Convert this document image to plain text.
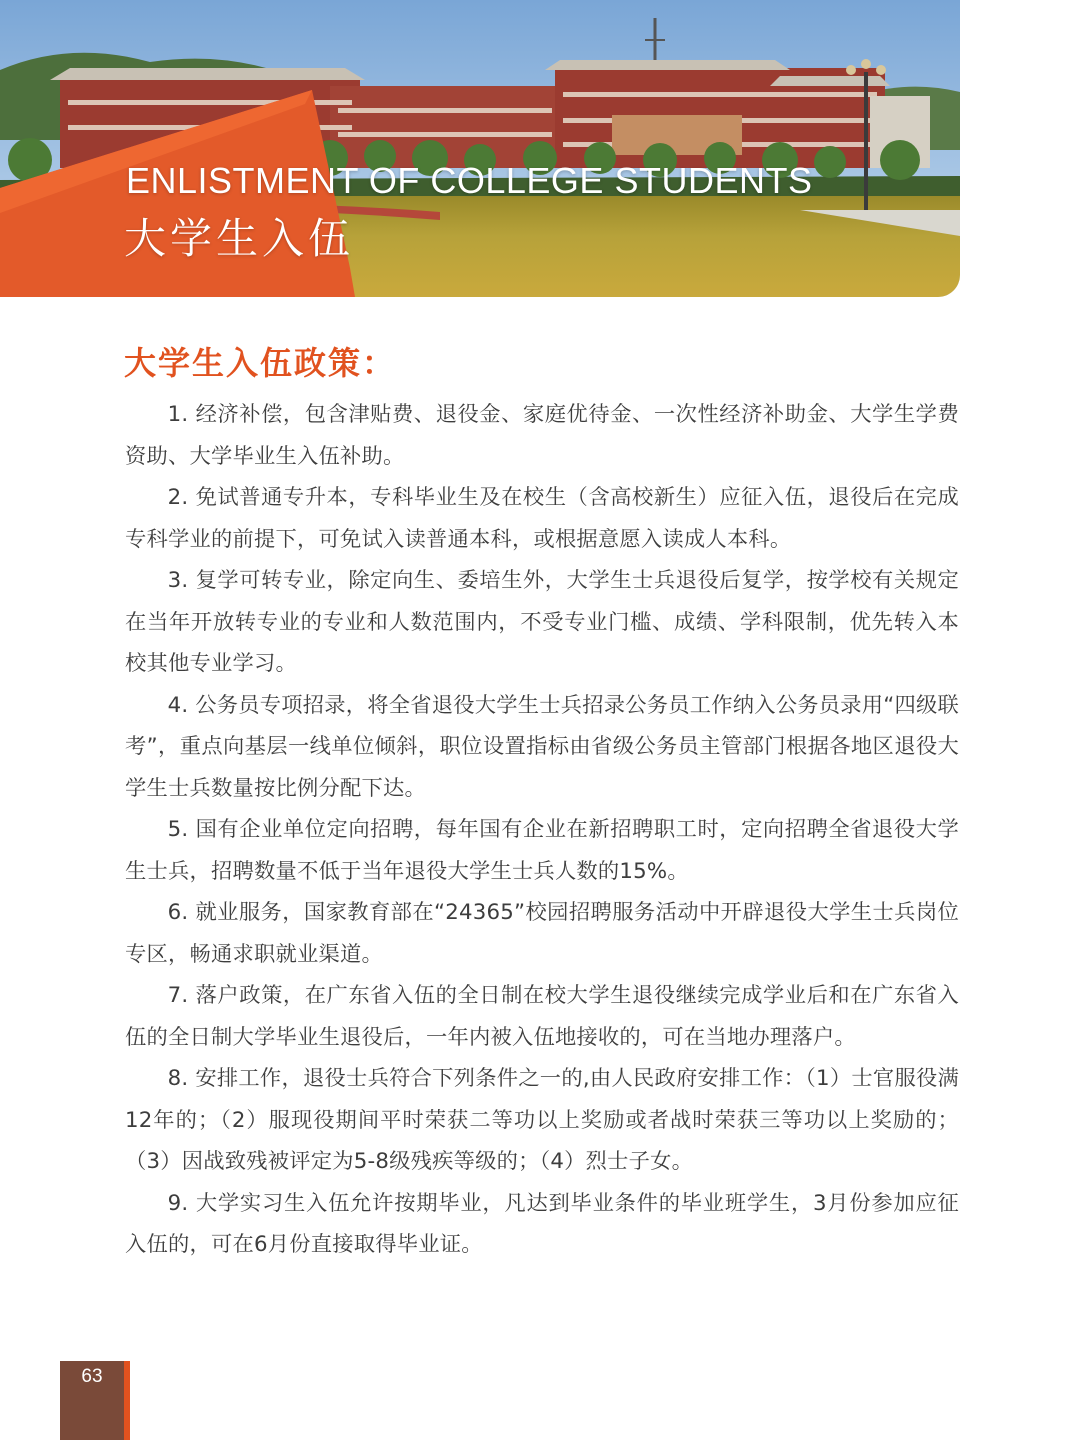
ENLISTMENT OF COLLEGE STUDENTS
大学生入伍
大学生入伍政策：

1. 经济补偿，包含津贴费、退役金、家庭优待金、一次性经济补助金、大学生学费资助、大学毕业生入伍补助。

2. 免试普通专升本，专科毕业生及在校生（含高校新生）应征入伍，退役后在完成专科学业的前提下，可免试入读普通本科，或根据意愿入读成人本科。

3. 复学可转专业，除定向生、委培生外，大学生士兵退役后复学，按学校有关规定在当年开放转专业的专业和人数范围内，不受专业门槛、成绩、学科限制，优先转入本校其他专业学习。

4. 公务员专项招录，将全省退役大学生士兵招录公务员工作纳入公务员录用“四级联考”，重点向基层一线单位倾斜，职位设置指标由省级公务员主管部门根据各地区退役大学生士兵数量按比例分配下达。

5. 国有企业单位定向招聘，每年国有企业在新招聘职工时，定向招聘全省退役大学生士兵，招聘数量不低于当年退役大学生士兵人数的15%。

6. 就业服务，国家教育部在“24365”校园招聘服务活动中开辟退役大学生士兵岗位专区，畅通求职就业渠道。

7. 落户政策，在广东省入伍的全日制在校大学生退役继续完成学业后和在广东省入伍的全日制大学毕业生退役后，一年内被入伍地接收的，可在当地办理落户。

8. 安排工作，退役士兵符合下列条件之一的,由人民政府安排工作：（1）士官服役满12年的；（2）服现役期间平时荣获二等功以上奖励或者战时荣获三等功以上奖励的；（3）因战致残被评定为5-8级残疾等级的；（4）烈士子女。

9. 大学实习生入伍允许按期毕业，凡达到毕业条件的毕业班学生，3月份参加应征入伍的，可在6月份直接取得毕业证。

63
